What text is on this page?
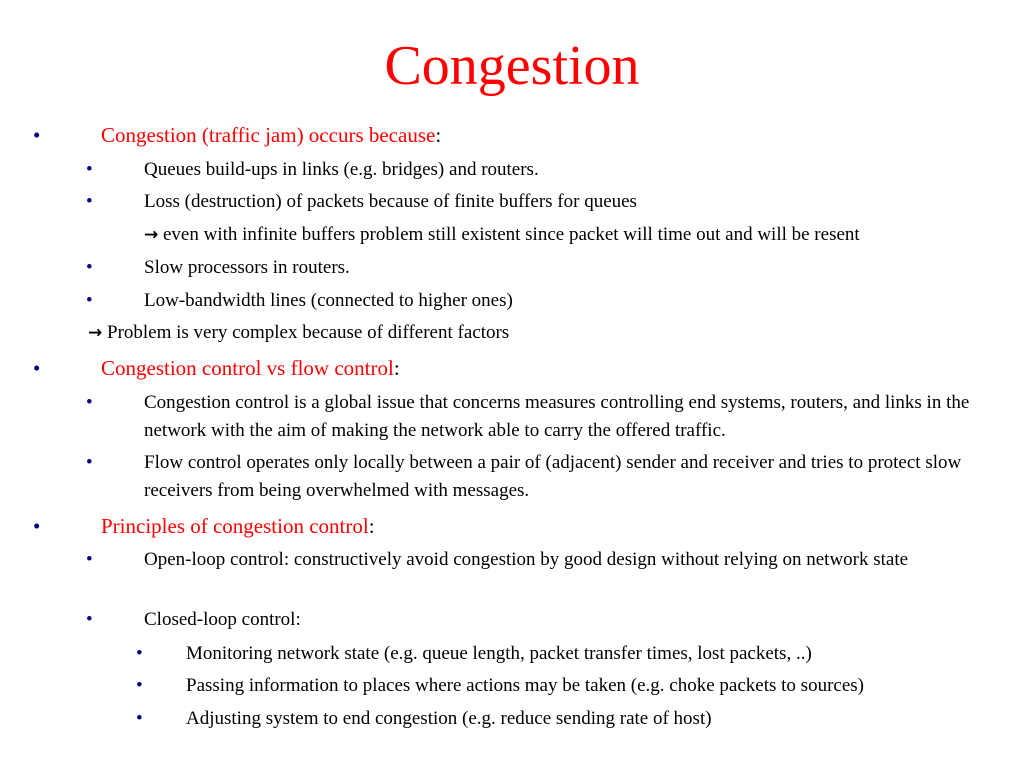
Congestion
•	Congestion (traffic jam) occurs because:
•	Queues build-ups in links (e.g. bridges) and routers.
•	Loss (destruction) of packets because of finite buffers for queues
→ even with infinite buffers problem still existent since packet will time out and will be resent
•	Slow processors in routers.
•	Low-bandwidth lines (connected to higher ones)
→ Problem is very complex because of different factors
•	Congestion control vs flow control:
•	Congestion control is a global issue that concerns measures controlling end systems, routers, and links in the network with the aim of making the network able to carry the offered traffic.
•	Flow control operates only locally between a pair of (adjacent) sender and receiver and tries to protect slow receivers from being overwhelmed with messages.
•	Principles of congestion control:
•	Open-loop control: constructively avoid congestion by good design without relying on network state
•	Closed-loop control:
• Monitoring network state (e.g. queue length, packet transfer times, lost packets, ..)
• Passing information to places where actions may be taken (e.g. choke packets to sources)
• Adjusting system to end congestion (e.g. reduce sending rate of host)
